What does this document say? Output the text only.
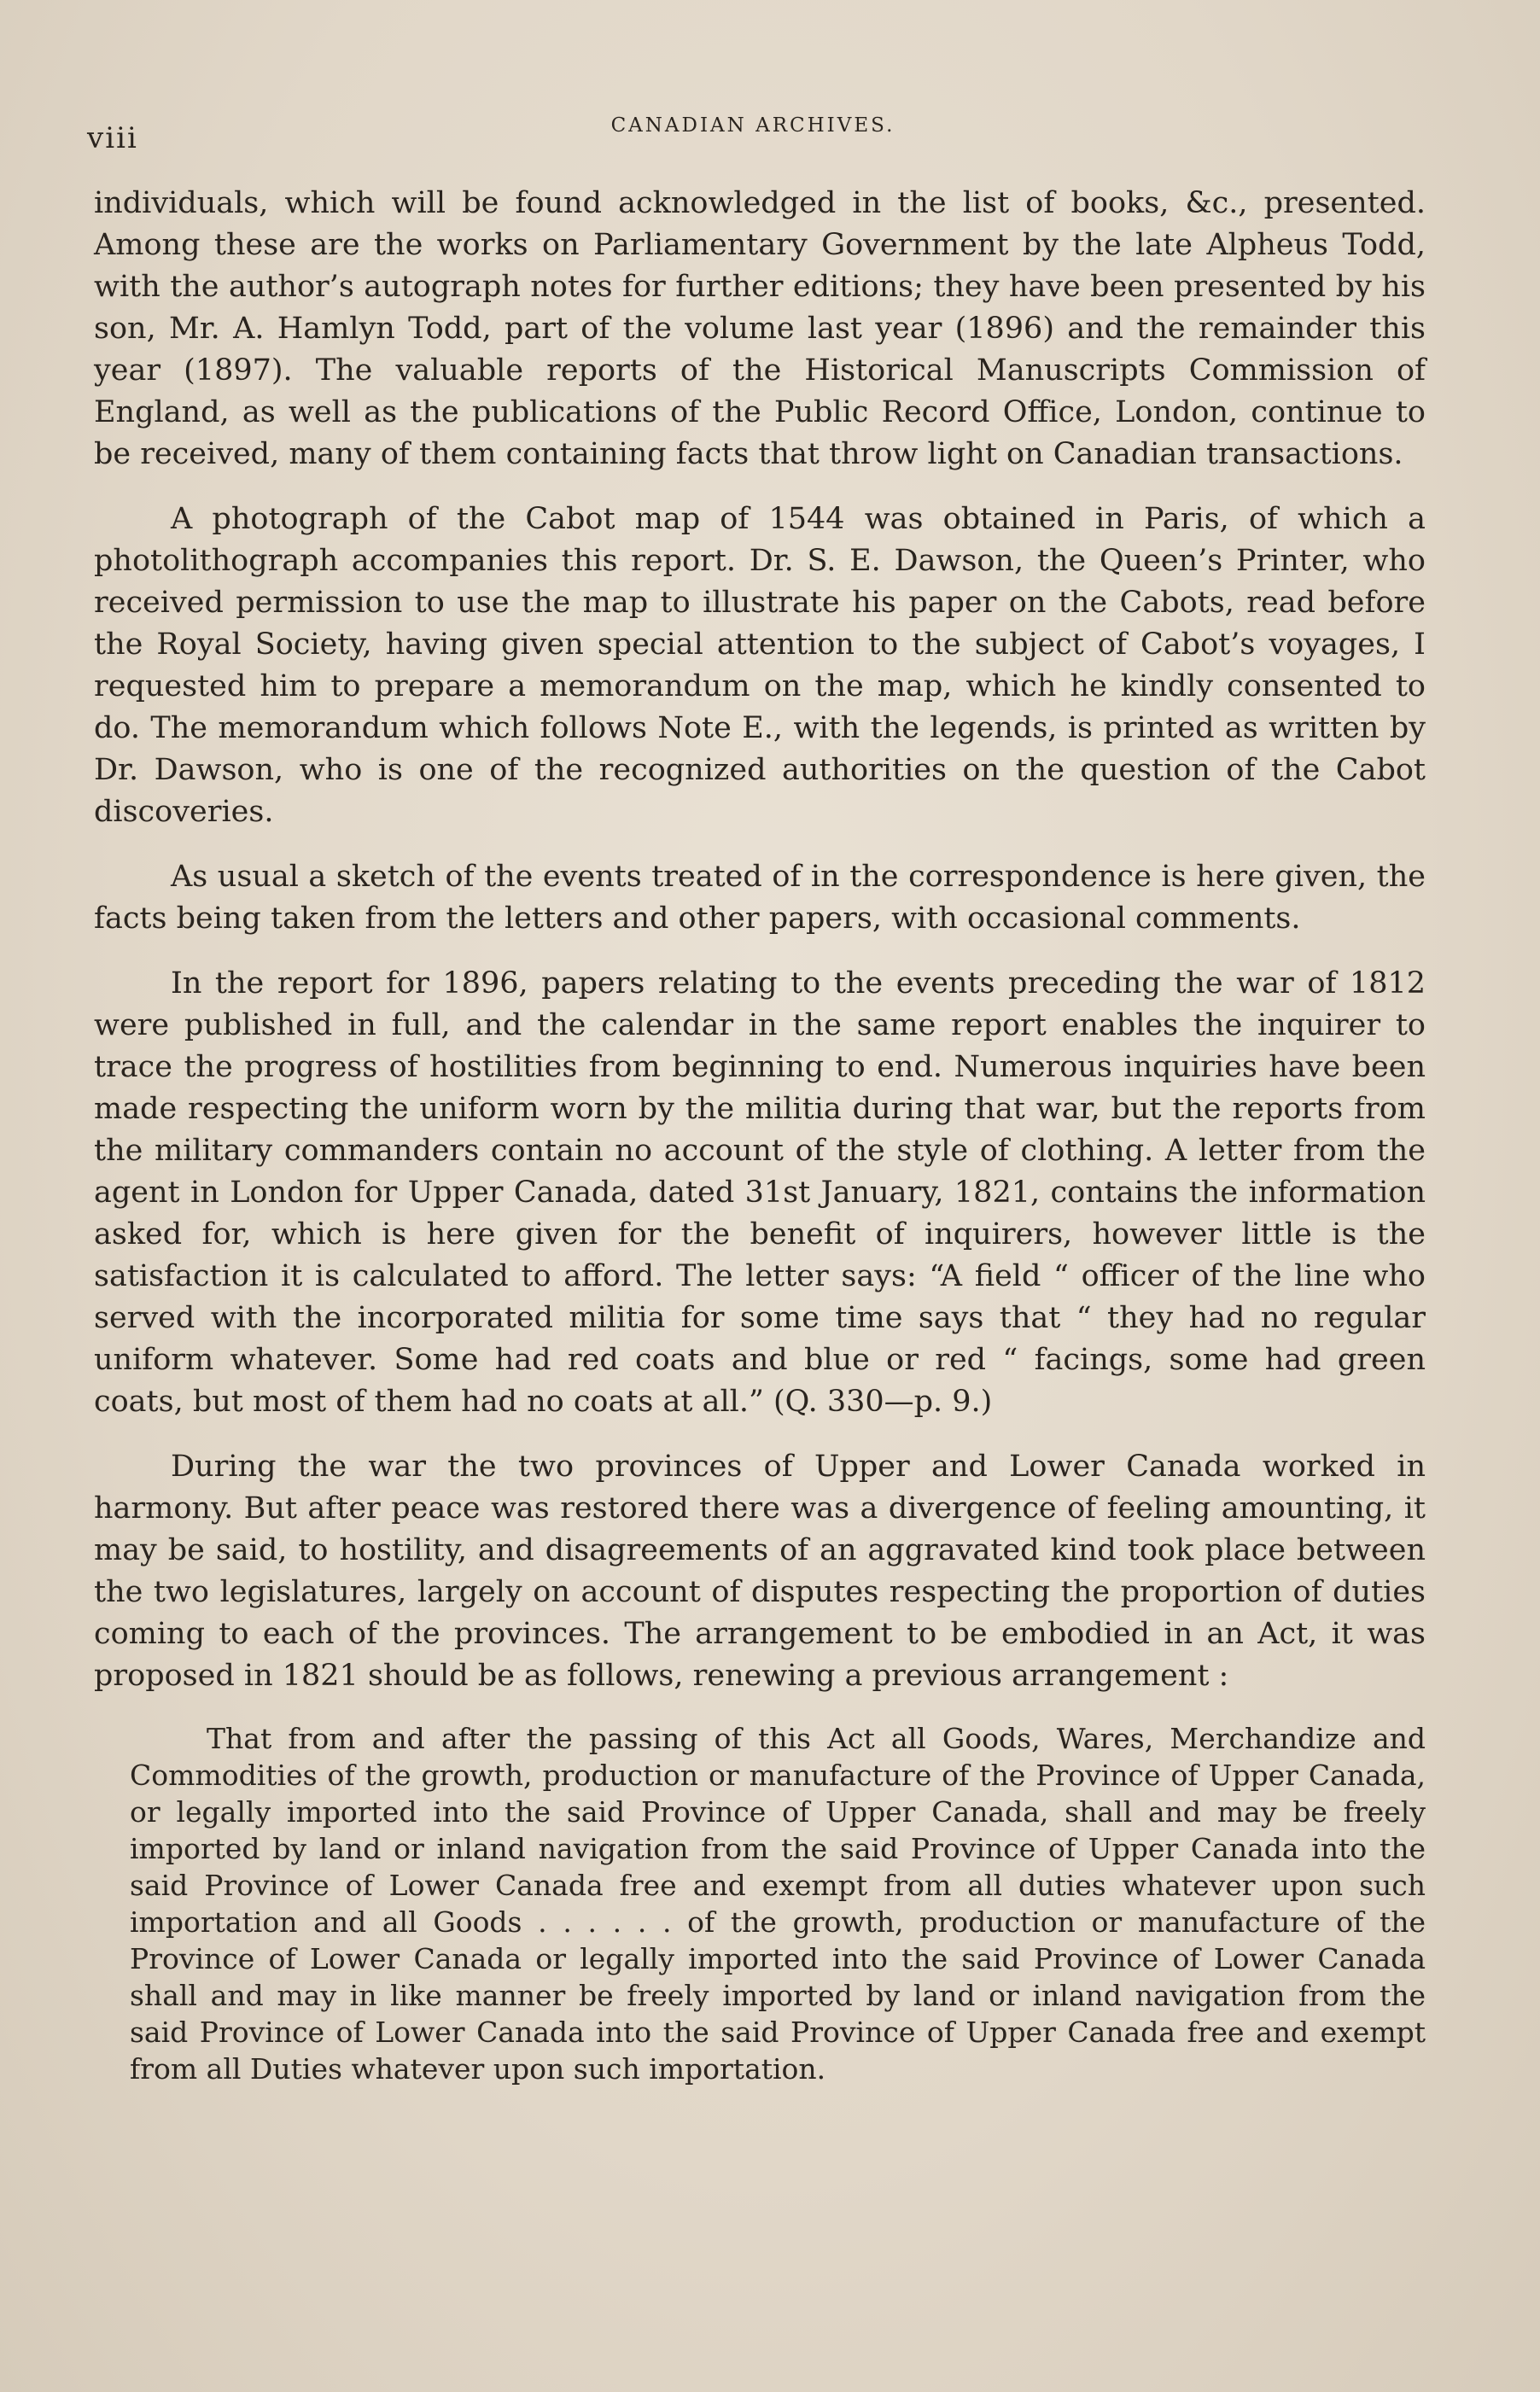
viii	CANADIAN ARCHIVES.

individuals, which will be found acknowledged in the list of books, &c., presented. Among these are the works on Parliamentary Government by the late Alpheus Todd, with the author’s autograph notes for further editions; they have been presented by his son, Mr. A. Hamlyn Todd, part of the volume last year (1896) and the remainder this year (1897). The valuable reports of the Historical Manuscripts Commission of England, as well as the publications of the Public Record Office, London, continue to be received, many of them containing facts that throw light on Canadian transactions.

A photograph of the Cabot map of 1544 was obtained in Paris, of which a photolithograph accompanies this report. Dr. S. E. Dawson, the Queen’s Printer, who received permission to use the map to illustrate his paper on the Cabots, read before the Royal Society, having given special attention to the subject of Cabot’s voyages, I requested him to prepare a memorandum on the map, which he kindly consented to do. The memorandum which follows Note E., with the legends, is printed as written by Dr. Dawson, who is one of the recognized authorities on the question of the Cabot discoveries.

As usual a sketch of the events treated of in the correspondence is here given, the facts being taken from the letters and other papers, with occasional comments.

In the report for 1896, papers relating to the events preceding the war of 1812 were published in full, and the calendar in the same report enables the inquirer to trace the progress of hostilities from beginning to end. Numerous inquiries have been made respecting the uniform worn by the militia during that war, but the reports from the military commanders contain no account of the style of clothing. A letter from the agent in London for Upper Canada, dated 31st January, 1821, contains the information asked for, which is here given for the benefit of inquirers, however little is the satisfaction it is calculated to afford. The letter says: “A field “ officer of the line who served with the incorporated militia for some time says that “ they had no regular uniform whatever. Some had red coats and blue or red “ facings, some had green coats, but most of them had no coats at all.” (Q. 330—p. 9.)

During the war the two provinces of Upper and Lower Canada worked in harmony. But after peace was restored there was a divergence of feeling amounting, it may be said, to hostility, and disagreements of an aggravated kind took place between the two legislatures, largely on account of disputes respecting the proportion of duties coming to each of the provinces. The arrangement to be embodied in an Act, it was proposed in 1821 should be as follows, renewing a previous arrangement :

That from and after the passing of this Act all Goods, Wares, Merchandize and Commodities of the growth, production or manufacture of the Province of Upper Canada, or legally imported into the said Province of Upper Canada, shall and may be freely imported by land or inland navigation from the said Province of Upper Canada into the said Province of Lower Canada free and exempt from all duties whatever upon such importation and all Goods . . . . . . of the growth, production or manufacture of the Province of Lower Canada or legally imported into the said Province of Lower Canada shall and may in like manner be freely imported by land or inland navigation from the said Province of Lower Canada into the said Province of Upper Canada free and exempt from all Duties whatever upon such importation.
